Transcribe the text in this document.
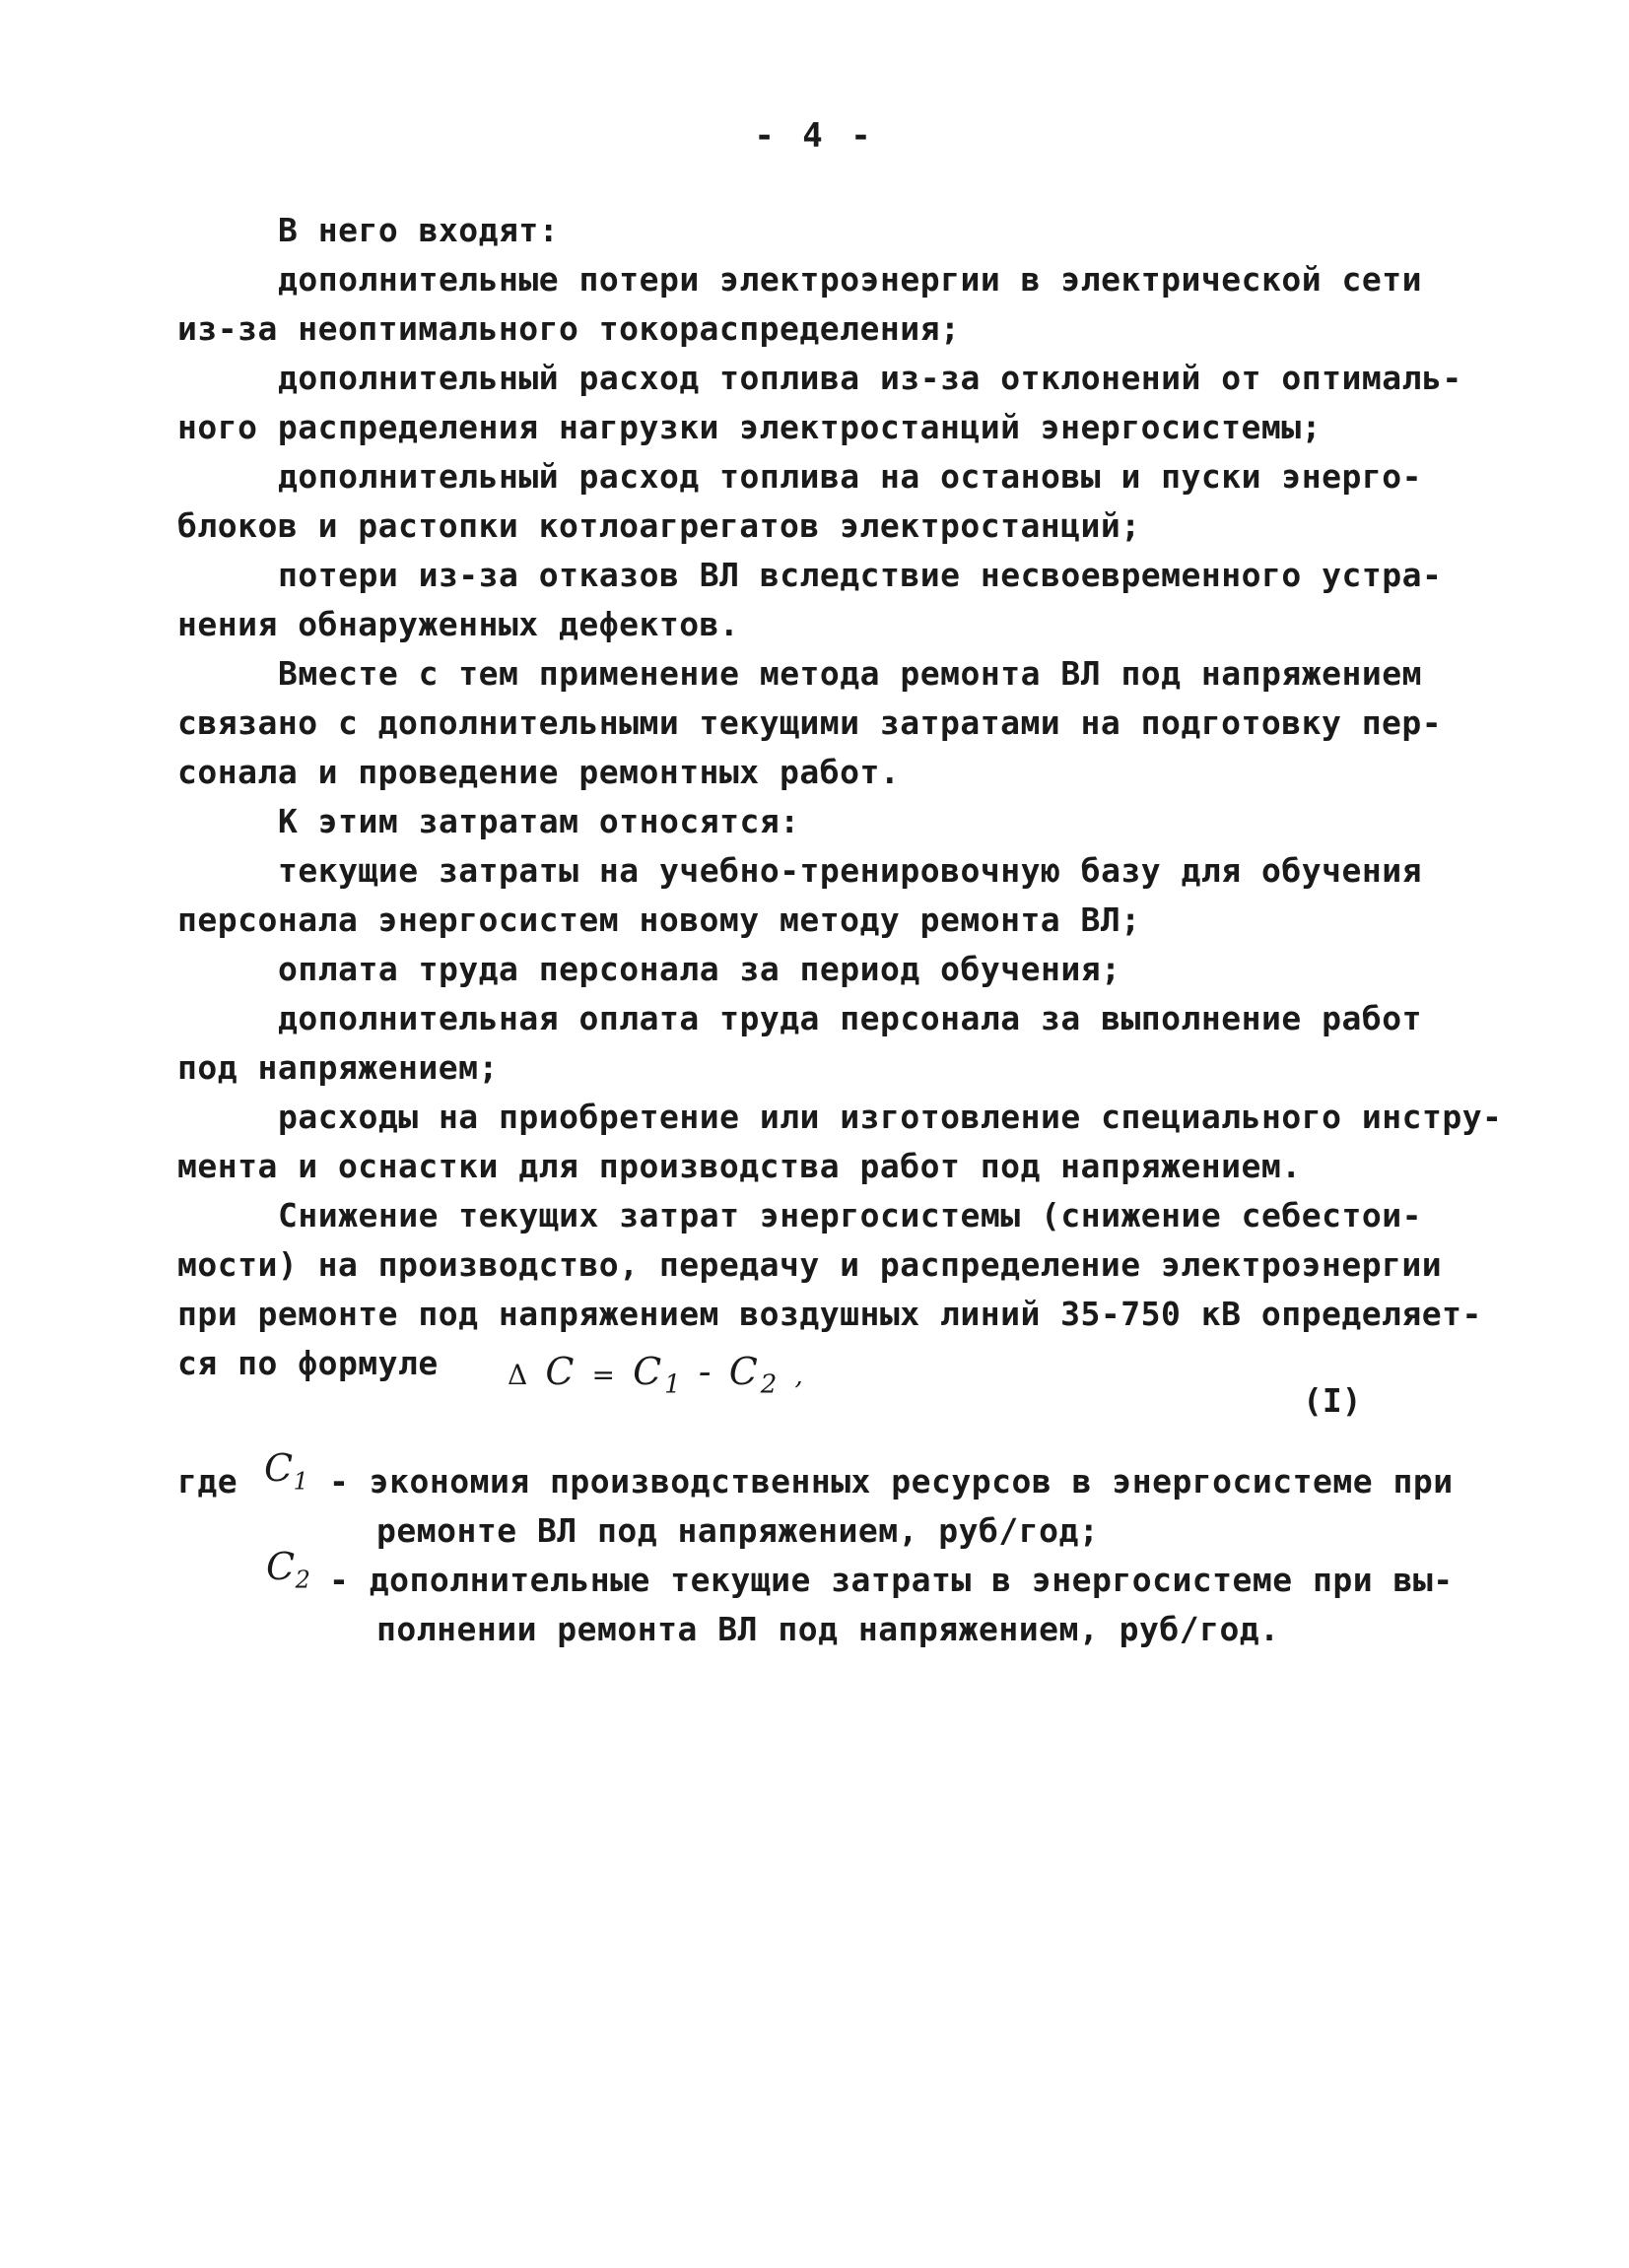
- 4 -
В него входят:
дополнительные потери электроэнергии в электрической сети
из-за неоптимального токораспределения;
дополнительный расход топлива из-за отклонений от оптималь-
ного распределения нагрузки электростанций энергосистемы;
дополнительный расход топлива на остановы и пуски энерго-
блоков и растопки котлоагрегатов электростанций;
потери из-за отказов ВЛ вследствие несвоевременного устра-
нения обнаруженных дефектов.
Вместе с тем применение метода ремонта ВЛ под напряжением
связано с дополнительными текущими затратами на подготовку пер-
сонала и проведение ремонтных работ.
К этим затратам относятся:
текущие затраты на учебно-тренировочную базу для обучения
персонала энергосистем новому методу ремонта ВЛ;
оплата труда персонала за период обучения;
дополнительная оплата труда персонала за выполнение работ
под напряжением;
расходы на приобретение или изготовление специального инстру-
мента и оснастки для производства работ под напряжением.
Снижение текущих затрат энергосистемы (снижение себестои-
мости) на производство, передачу и распределение электроэнергии
при ремонте под напряжением воздушных линий 35-750 кВ определяет-
ся по формуле	Δ $C = C_1 - C_2$ ,
(I)
где $C_1$ - экономия производственных ресурсов в энергосистеме при
ремонте ВЛ под напряжением, руб/год;
$C_2$ - дополнительные текущие затраты в энергосистеме при вы-
полнении ремонта ВЛ под напряжением, руб/год.
